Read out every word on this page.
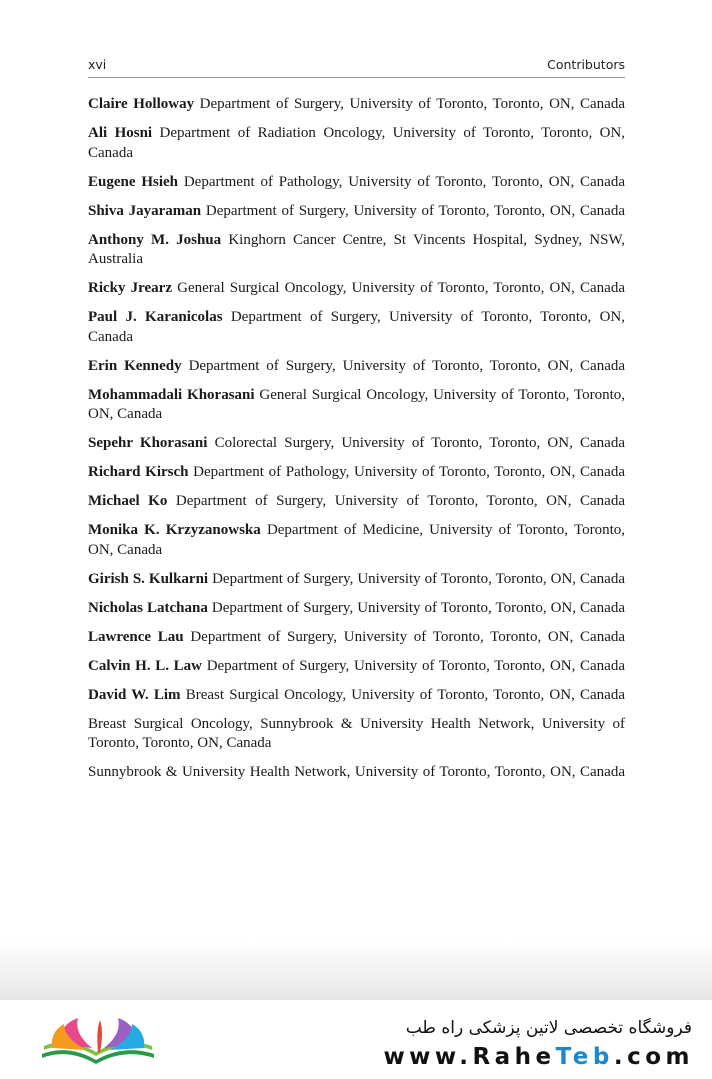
xvi	Contributors

Claire Holloway Department of Surgery, University of Toronto, Toronto, ON, Canada

Ali Hosni Department of Radiation Oncology, University of Toronto, Toronto, ON, Canada

Eugene Hsieh Department of Pathology, University of Toronto, Toronto, ON, Canada

Shiva Jayaraman Department of Surgery, University of Toronto, Toronto, ON, Canada

Anthony M. Joshua Kinghorn Cancer Centre, St Vincents Hospital, Sydney, NSW, Australia

Ricky Jrearz General Surgical Oncology, University of Toronto, Toronto, ON, Canada

Paul J. Karanicolas Department of Surgery, University of Toronto, Toronto, ON, Canada

Erin Kennedy Department of Surgery, University of Toronto, Toronto, ON, Canada

Mohammadali Khorasani General Surgical Oncology, University of Toronto, Toronto, ON, Canada

Sepehr Khorasani Colorectal Surgery, University of Toronto, Toronto, ON, Canada

Richard Kirsch Department of Pathology, University of Toronto, Toronto, ON, Canada

Michael Ko Department of Surgery, University of Toronto, Toronto, ON, Canada

Monika K. Krzyzanowska Department of Medicine, University of Toronto, Toronto, ON, Canada

Girish S. Kulkarni Department of Surgery, University of Toronto, Toronto, ON, Canada

Nicholas Latchana Department of Surgery, University of Toronto, Toronto, ON, Canada

Lawrence Lau Department of Surgery, University of Toronto, Toronto, ON, Canada

Calvin H. L. Law Department of Surgery, University of Toronto, Toronto, ON, Canada

David W. Lim Breast Surgical Oncology, University of Toronto, Toronto, ON, Canada

Breast Surgical Oncology, Sunnybrook & University Health Network, University of Toronto, Toronto, ON, Canada

Sunnybrook & University Health Network, University of Toronto, Toronto, ON, Canada

فروشگاه تخصصی لاتین پزشکی راه طب
www.RaheTeb.com
